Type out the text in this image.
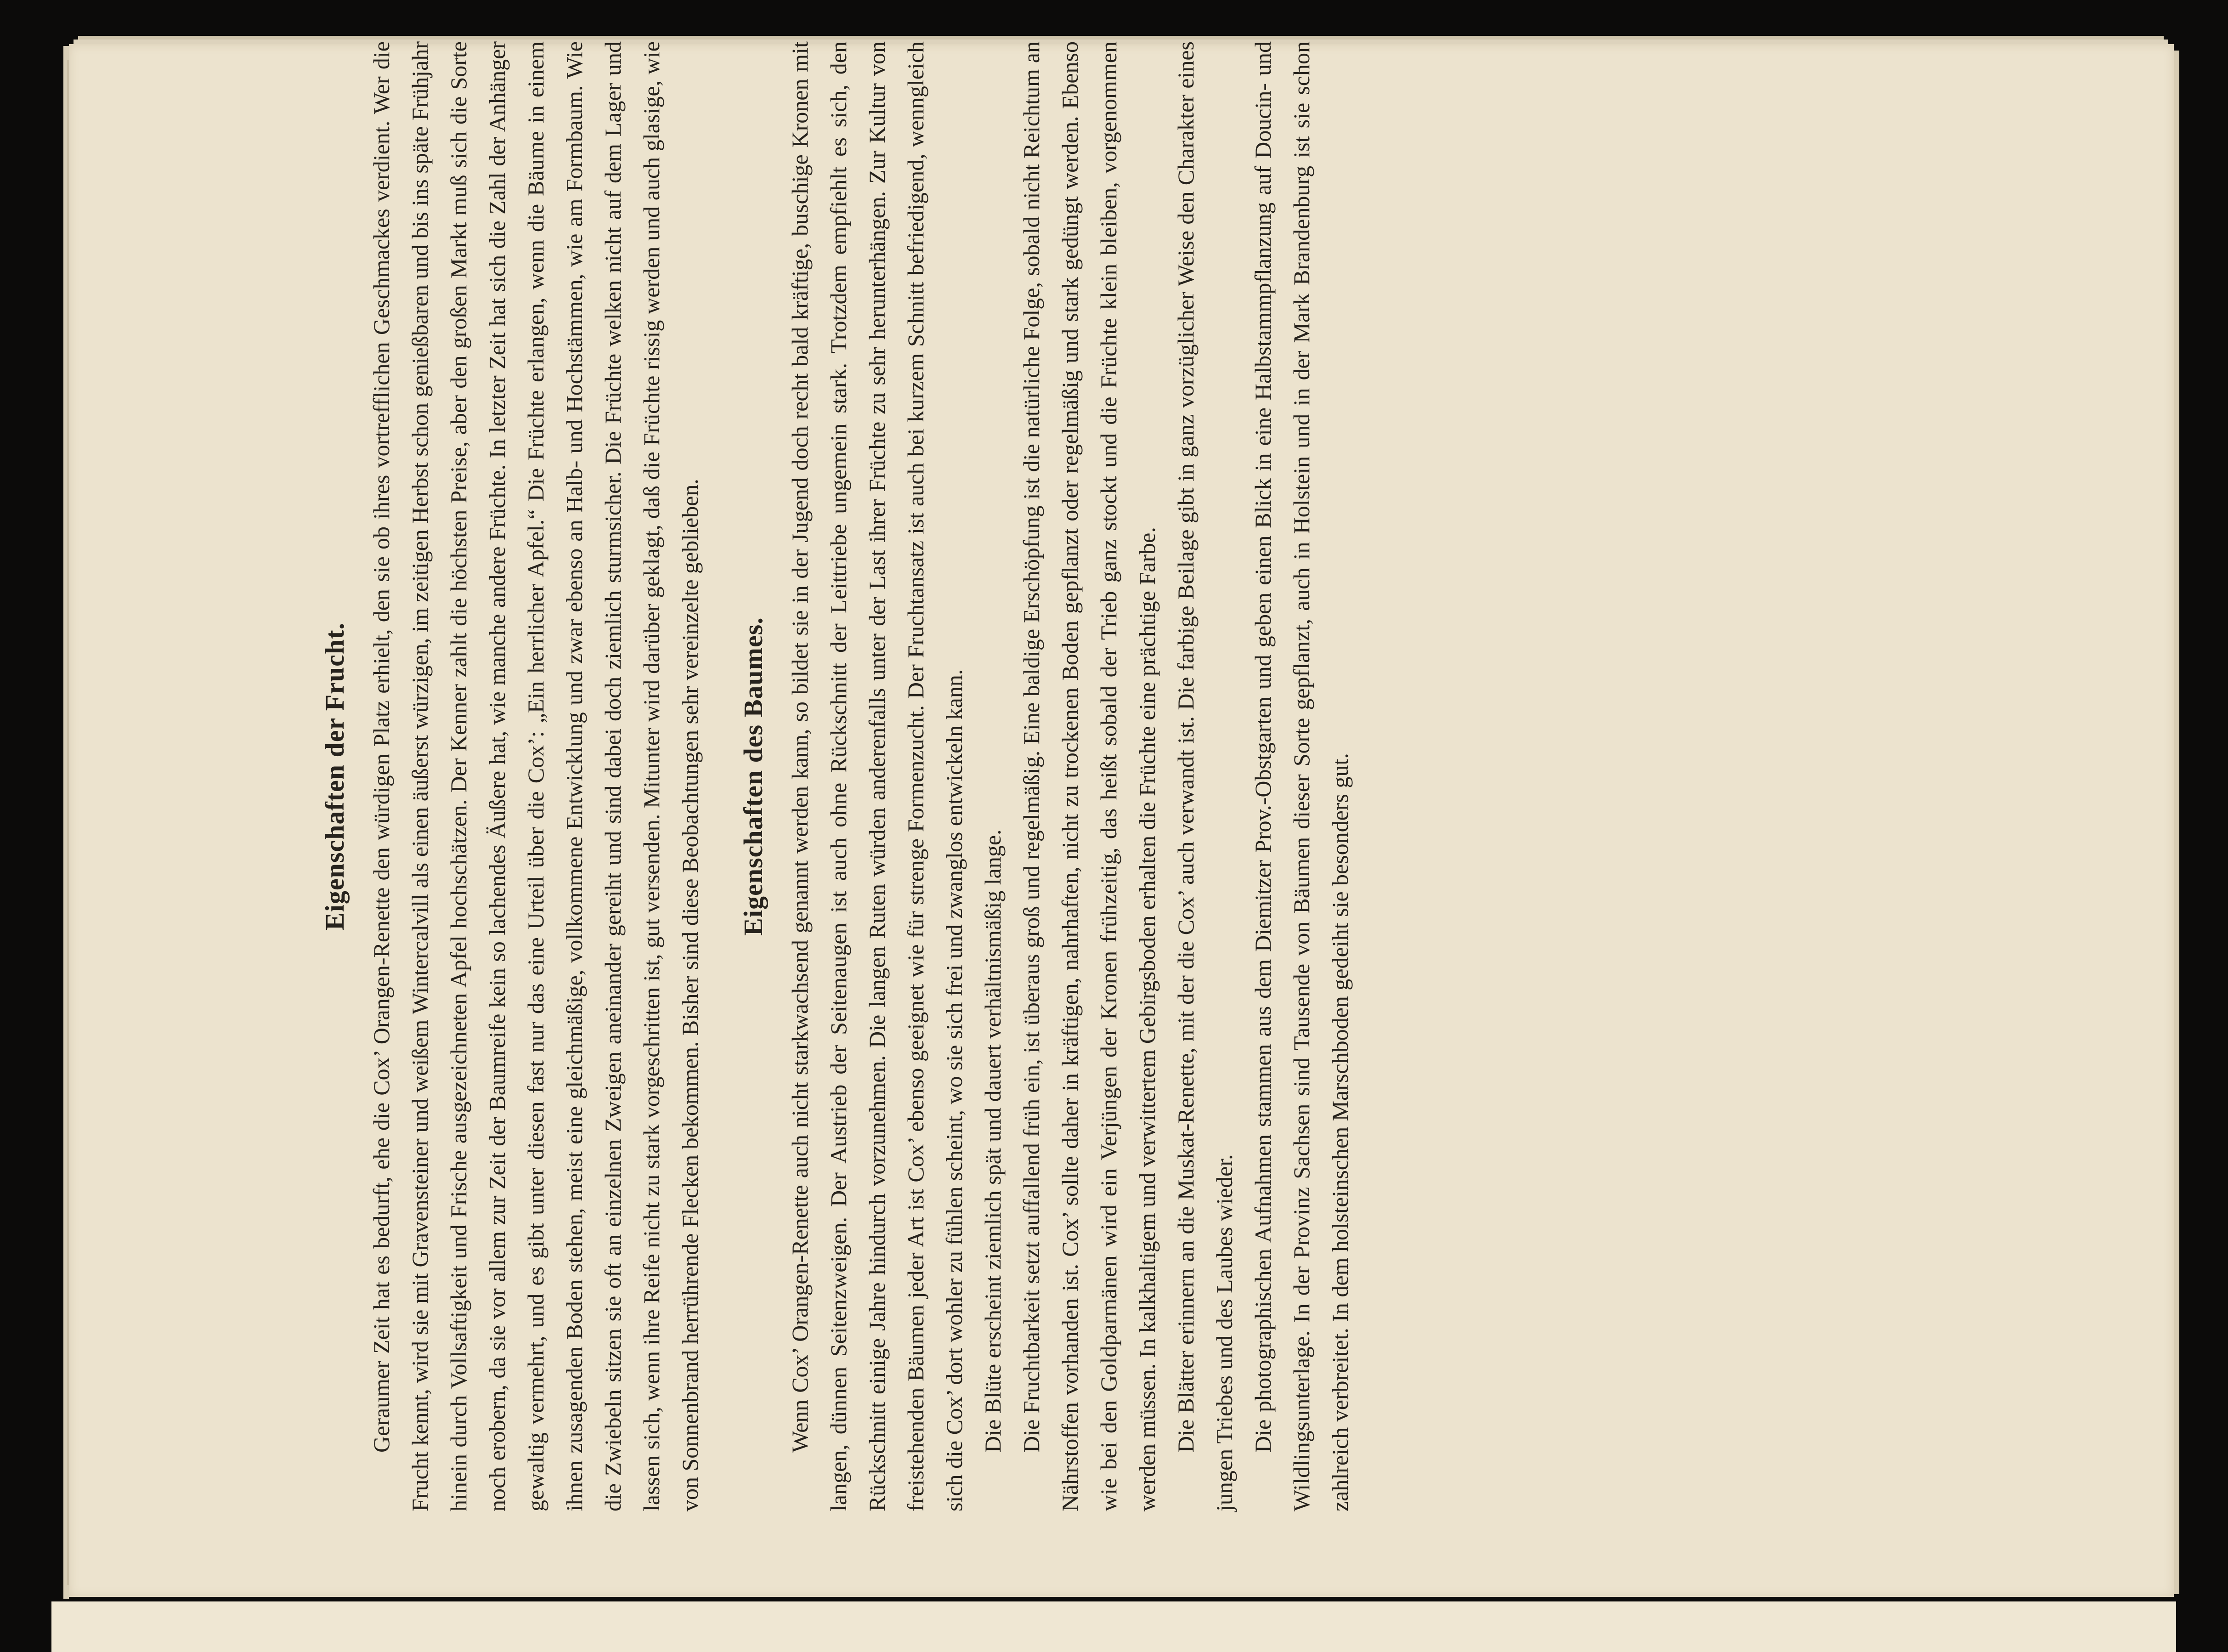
Eigenschaften der Frucht. Geraumer Zeit hat es bedurft, ehe die Cox’ Orangen-Renette den würdigen Platz erhielt, den sie ob ihres vortrefflichen Geschmackes verdient. Wer die Frucht kennt, wird sie mit Gravensteiner und weißem Wintercalvill als einen äußerst würzigen, im zeitigen Herbst schon genießbaren und bis ins späte Frühjahr hinein durch Vollsaftigkeit und Frische ausgezeichneten Apfel hochschätzen. Der Kenner zahlt die höchsten Preise, aber den großen Markt muß sich die Sorte noch erobern, da sie vor allem zur Zeit der Baumreife kein so lachendes Äußere hat, wie manche andere Früchte. In letzter Zeit hat sich die Zahl der Anhänger gewaltig vermehrt, und es gibt unter diesen fast nur das eine Urteil über die Cox’: „Ein herrlicher Apfel.“ Die Früchte erlangen, wenn die Bäume in einem ihnen zusagenden Boden stehen, meist eine gleichmäßige, vollkommene Entwicklung und zwar ebenso an Halb- und Hochstämmen, wie am Formbaum. Wie die Zwiebeln sitzen sie oft an einzelnen Zweigen aneinander gereiht und sind dabei doch ziemlich sturmsicher. Die Früchte welken nicht auf dem Lager und lassen sich, wenn ihre Reife nicht zu stark vorgeschritten ist, gut versenden. Mitunter wird darüber geklagt, daß die Früchte rissig werden und auch glasige, wie von Sonnenbrand herrührende Flecken bekommen. Bisher sind diese Beobachtungen sehr vereinzelte geblieben. Eigenschaften des Baumes. Wenn Cox’ Orangen-Renette auch nicht starkwachsend genannt werden kann, so bildet sie in der Jugend doch recht bald kräftige, buschige Kronen mit langen, dünnen Seitenzweigen. Der Austrieb der Seitenaugen ist auch ohne Rückschnitt der Leittriebe ungemein stark. Trotzdem empfiehlt es sich, den Rückschnitt einige Jahre hindurch vorzunehmen. Die langen Ruten würden anderenfalls unter der Last ihrer Früchte zu sehr herunterhängen. Zur Kultur von freistehenden Bäumen jeder Art ist Cox’ ebenso geeignet wie für strenge Formenzucht. Der Fruchtansatz ist auch bei kurzem Schnitt befriedigend, wenngleich sich die Cox’ dort wohler zu fühlen scheint, wo sie sich frei und zwanglos entwickeln kann. Die Blüte erscheint ziemlich spät und dauert verhältnismäßig lange. Die Fruchtbarkeit setzt auffallend früh ein, ist überaus groß und regelmäßig. Eine baldige Erschöpfung ist die natürliche Folge, sobald nicht Reichtum an Nährstoffen vorhanden ist. Cox’ sollte daher in kräftigen, nahrhaften, nicht zu trockenen Boden gepflanzt oder regelmäßig und stark gedüngt werden. Ebenso wie bei den Goldparmänen wird ein Verjüngen der Kronen frühzeitig, das heißt sobald der Trieb ganz stockt und die Früchte klein bleiben, vorgenommen werden müssen. In kalkhaltigem und verwittertem Gebirgsboden erhalten die Früchte eine prächtige Farbe. Die Blätter erinnern an die Muskat-Renette, mit der die Cox’ auch verwandt ist. Die farbige Beilage gibt in ganz vorzüglicher Weise den Charakter eines jungen Triebes und des Laubes wieder. Die photographischen Aufnahmen stammen aus dem Diemitzer Prov.-Obstgarten und geben einen Blick in eine Halbstammpflanzung auf Doucin- und Wildlingsunterlage. In der Provinz Sachsen sind Tausende von Bäumen dieser Sorte gepflanzt, auch in Holstein und in der Mark Brandenburg ist sie schon zahlreich verbreitet. In dem holsteinschen Marschboden gedeiht sie besonders gut.
